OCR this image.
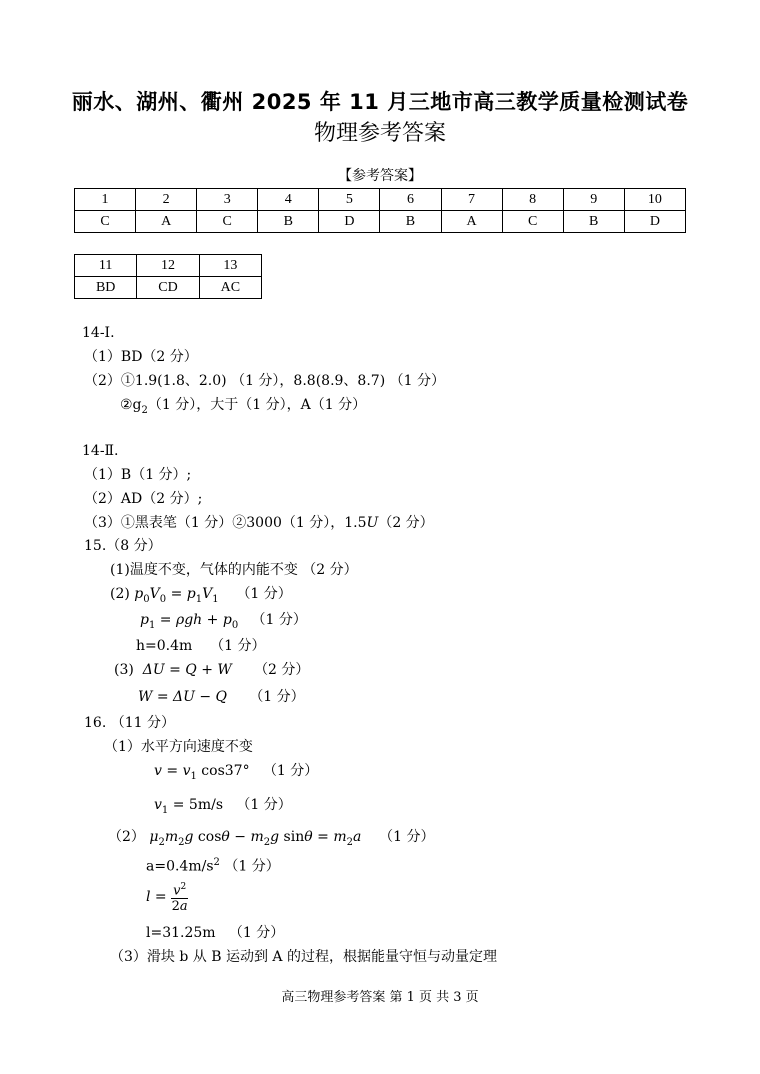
丽水、湖州、衢州 2025 年 11 月三地市高三教学质量检测试卷
物理参考答案
【参考答案】
1	2	3	4	5	6	7	8	9	10
C	A	C	B	D	B	A	C	B	D
11	12	13
BD	CD	AC
14-Ⅰ.
（1）BD（2 分）
（2）①1.9(1.8、2.0) （1 分），8.8(8.9、8.7) （1 分）
$②g_2(1$ 分），大于（1 分），A（1 分）
14-Ⅱ.
（1）B（1 分）;
（2）AD（2 分）;
（3）①黑表笔（1 分）②3000（1 分），1.5U（2 分）
15.（8 分）
(1)温度不变，气体的内能不变 （2 分）
(2) $p_0V_0 = p_1V_1$ （1 分）
$p_1 = \rho gh + p_0$ （1 分）
h=0.4m （1 分）
(3) ΔU = Q + W （2 分）
W = ΔU − Q （1 分）
16. （11 分）
（1）水平方向速度不变
$v = v_1$ cos37°   （1 分）
$v_1 = 5m/s$ （1 分）
（2） $\mu_2m_2g$ $\cos\theta - m_2g$ $\sin\theta = m_2a$ （1 分）
$a=0.4m/s^2$ （1 分）
$l = \frac{v^2}{2a}$
l=31.25m （1 分）
（3）滑块 b 从 B 运动到 A 的过程，根据能量守恒与动量定理
高三物理参考答案 第 1 页 共 3 页
